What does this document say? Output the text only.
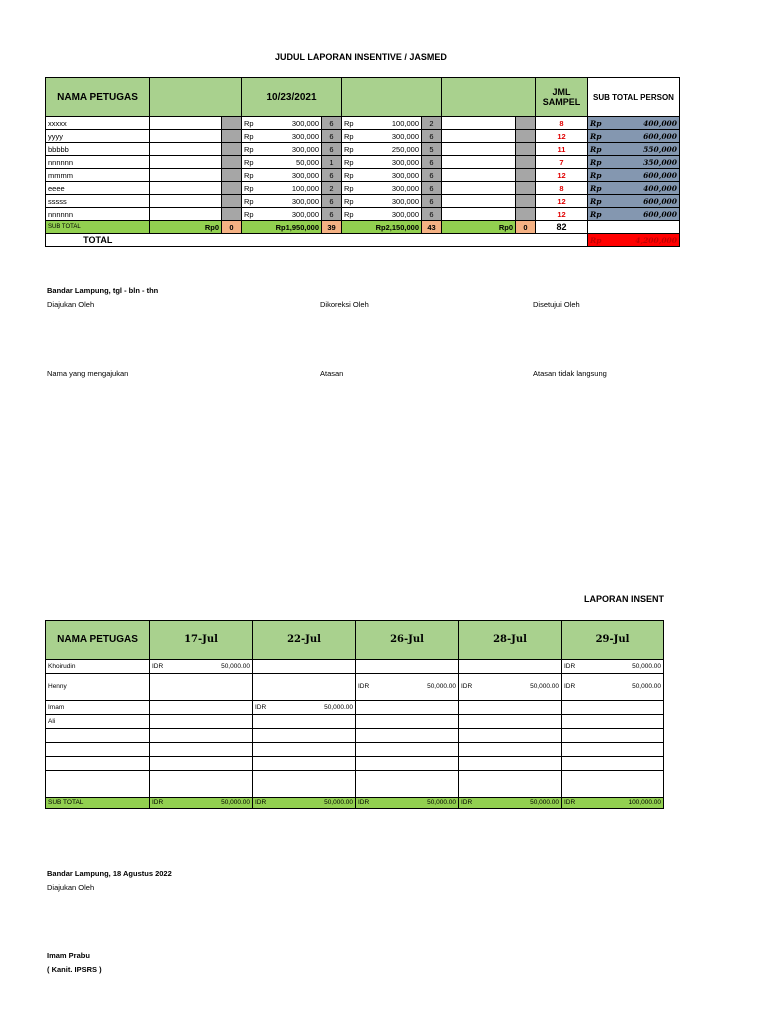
JUDUL LAPORAN INSENTIVE / JASMED
NAMA PETUGAS			10/23/2021						JML
SAMPEL	SUB TOTAL PERSON
xxxxx			Rp 300,000	6	Rp 100,000	2			8	Rp 400,000

yyyy			Rp 300,000	6	Rp 300,000	6			12	Rp 600,000

bbbbb			Rp 300,000	6	Rp 250,000	5			11	Rp 550,000

nnnnnn			Rp 50,000	1	Rp 300,000	6			7	Rp 350,000

mmmm			Rp 300,000	6	Rp 300,000	6			12	Rp 600,000

eeee			Rp 100,000	2	Rp 300,000	6			8	Rp 400,000

sssss			Rp 300,000	6	Rp 300,000	6			12	Rp 600,000

nnnnnn			Rp 300,000	6	Rp 300,000	6			12	Rp 600,000

SUB TOTAL	Rp0	0	Rp1,950,000	39	Rp2,150,000	43	Rp0	0	82	
TOTAL										Rp 4,200,000
Bandar Lampung, tgl - bln - thn
Diajukan Oleh	Dikoreksi Oleh	Disetujui Oleh
Nama yang mengajukan	Atasan	Atasan tidak langsung
LAPORAN INSENT
NAMA PETUGAS	17-Jul	22-Jul	26-Jul	28-Jul	29-Jul
Khoirudin	IDR 50,000.00				IDR 50,000.00

Henny			IDR 50,000.00	IDR 50,000.00	IDR 50,000.00

Imam		IDR 50,000.00			

Ali	

SUB TOTAL	IDR 50,000.00	IDR 50,000.00	IDR 50,000.00	IDR 50,000.00	IDR 100,000.00
Bandar Lampung, 18 Agustus 2022
Diajukan Oleh
Imam Prabu
( Kanit. IPSRS )
